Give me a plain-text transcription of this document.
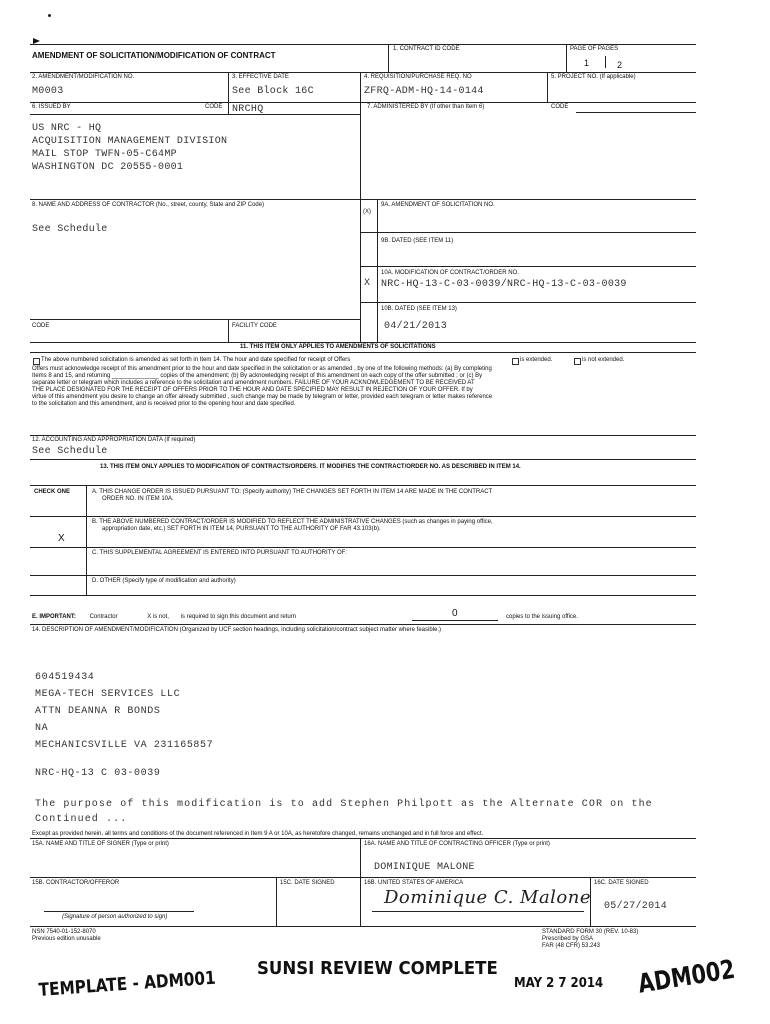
AMENDMENT OF SOLICITATION/MODIFICATION OF CONTRACT
1. CONTRACT ID CODE	PAGE OF PAGES
1	2
2. AMENDMENT/MODIFICATION NO.
M0003
3. EFFECTIVE DATE
See Block 16C
4. REQUISITION/PURCHASE REQ. NO
ZFRQ-ADM-HQ-14-0144
5. PROJECT NO. (If applicable)
6. ISSUED BY	CODE NRCHQ	7. ADMINISTERED BY (If other than Item 6)	CODE
US NRC - HQ
ACQUISITION MANAGEMENT DIVISION
MAIL STOP TWFN-05-C64MP
WASHINGTON DC 20555-0001
8. NAME AND ADDRESS OF CONTRACTOR (No., street, county, State and ZIP Code)
See Schedule
(X)
9A. AMENDMENT OF SOLICITATION NO.
9B. DATED (SEE ITEM 11)
X
10A. MODIFICATION OF CONTRACT/ORDER NO.
NRC-HQ-13-C-03-0039/NRC-HQ-13-C-03-0039
10B. DATED (SEE ITEM 13)
04/21/2013
CODE	FACILITY CODE
11. THIS ITEM ONLY APPLIES TO AMENDMENTS OF SOLICITATIONS
The above numbered solicitation is amended as set forth in Item 14. The hour and date specified for receipt of Offers	is extended.	is not extended.
Offers must acknowledge receipt of this amendment prior to the hour and date specified in the solicitation or as amended , by one of the following methods: (a) By completing
Items 8 and 15, and returning ______________ copies of the amendment; (b) By acknowledging receipt of this amendment on each copy of the offer submitted ; or (c) By
separate letter or telegram which includes a reference to the solicitation and amendment numbers. FAILURE OF YOUR ACKNOWLEDGEMENT TO BE RECEIVED AT
THE PLACE DESIGNATED FOR THE RECEIPT OF OFFERS PRIOR TO THE HOUR AND DATE SPECIFIED MAY RESULT IN REJECTION OF YOUR OFFER. If by
virtue of this amendment you desire to change an offer already submitted , such change may be made by telegram or letter, provided each telegram or letter makes reference
to the solicitation and this amendment, and is received prior to the opening hour and date specified.
12. ACCOUNTING AND APPROPRIATION DATA (If required)
See Schedule
13. THIS ITEM ONLY APPLIES TO MODIFICATION OF CONTRACTS/ORDERS. IT MODIFIES THE CONTRACT/ORDER NO. AS DESCRIBED IN ITEM 14.
CHECK ONE	A. THIS CHANGE ORDER IS ISSUED PURSUANT TO: (Specify authority) THE CHANGES SET FORTH IN ITEM 14 ARE MADE IN THE CONTRACT
ORDER NO. IN ITEM 10A.
B. THE ABOVE NUMBERED CONTRACT/ORDER IS MODIFIED TO REFLECT THE ADMINISTRATIVE CHANGES (such as changes in paying office,
appropriation date, etc.) SET FORTH IN ITEM 14, PURSUANT TO THE AUTHORITY OF FAR 43.103(b).
X
C. THIS SUPPLEMENTAL AGREEMENT IS ENTERED INTO PURSUANT TO AUTHORITY OF:
D. OTHER (Specify type of modification and authority)
E. IMPORTANT: Contractor	X is not, is required to sign this document and return	0	copies to the issuing office.
14. DESCRIPTION OF AMENDMENT/MODIFICATION (Organized by UCF section headings, including solicitation/contract subject matter where feasible.)
604519434
MEGA-TECH SERVICES LLC
ATTN DEANNA R BONDS
NA
MECHANICSVILLE VA 231165857
NRC-HQ-13 C 03-0039
The purpose of this modification is to add Stephen Philpott as the Alternate COR on the
Continued ...
Except as provided herein, all terms and conditions of the document referenced in Item 9 A or 10A, as heretofore changed, remains unchanged and in full force and effect.
15A. NAME AND TITLE OF SIGNER (Type or print)	16A. NAME AND TITLE OF CONTRACTING OFFICER (Type or print)
DOMINIQUE MALONE
15B. CONTRACTOR/OFFEROR	15C. DATE SIGNED
(Signature of person authorized to sign)
16B. UNITED STATES OF AMERICA
Dominique C. Malone
16C. DATE SIGNED
05/27/2014
NSN 7540-01-152-8070
Previous edition unusable
STANDARD FORM 30 (REV. 10-83)
Prescribed by GSA
FAR (48 CFR) 53.243
SUNSI REVIEW COMPLETE
TEMPLATE - ADM001	MAY 2 7 2014 ADM002
